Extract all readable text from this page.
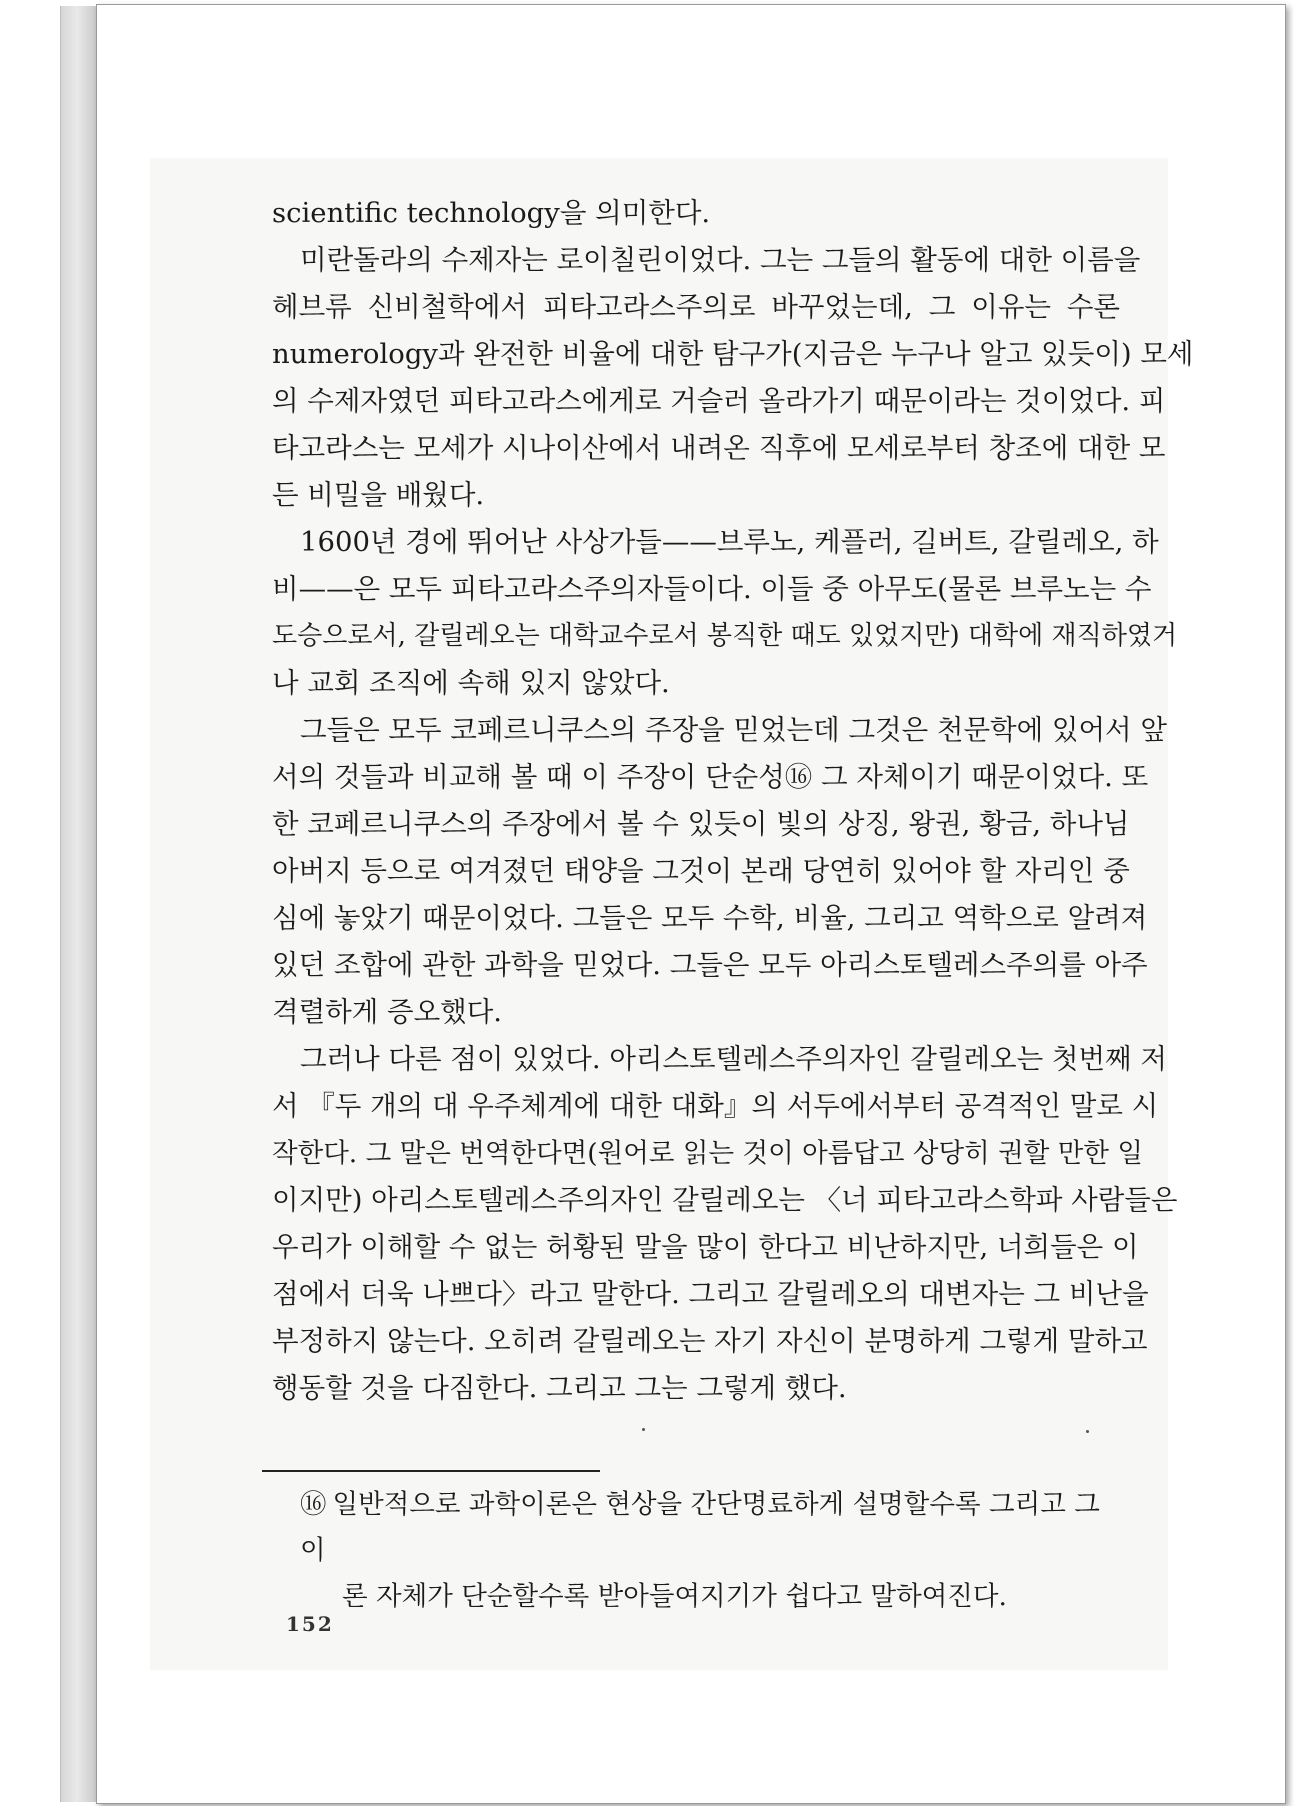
scientific technology을 의미한다.
미란돌라의 수제자는 로이칠린이었다. 그는 그들의 활동에 대한 이름을
헤브류 신비철학에서 피타고라스주의로 바꾸었는데, 그 이유는 수론
numerology과 완전한 비율에 대한 탐구가(지금은 누구나 알고 있듯이) 모세
의 수제자였던 피타고라스에게로 거슬러 올라가기 때문이라는 것이었다. 피
타고라스는 모세가 시나이산에서 내려온 직후에 모세로부터 창조에 대한 모
든 비밀을 배웠다.
1600년 경에 뛰어난 사상가들——브루노, 케플러, 길버트, 갈릴레오, 하
비——은 모두 피타고라스주의자들이다. 이들 중 아무도(물론 브루노는 수
도승으로서, 갈릴레오는 대학교수로서 봉직한 때도 있었지만) 대학에 재직하였거
나 교회 조직에 속해 있지 않았다.
그들은 모두 코페르니쿠스의 주장을 믿었는데 그것은 천문학에 있어서 앞
서의 것들과 비교해 볼 때 이 주장이 단순성⑯ 그 자체이기 때문이었다. 또
한 코페르니쿠스의 주장에서 볼 수 있듯이 빛의 상징, 왕권, 황금, 하나님
아버지 등으로 여겨졌던 태양을 그것이 본래 당연히 있어야 할 자리인 중
심에 놓았기 때문이었다. 그들은 모두 수학, 비율, 그리고 역학으로 알려져
있던 조합에 관한 과학을 믿었다. 그들은 모두 아리스토텔레스주의를 아주
격렬하게 증오했다.
그러나 다른 점이 있었다. 아리스토텔레스주의자인 갈릴레오는 첫번째 저
서 『두 개의 대 우주체계에 대한 대화』의 서두에서부터 공격적인 말로 시
작한다. 그 말은 번역한다면(원어로 읽는 것이 아름답고 상당히 권할 만한 일
이지만) 아리스토텔레스주의자인 갈릴레오는 〈너 피타고라스학파 사람들은
우리가 이해할 수 없는 허황된 말을 많이 한다고 비난하지만, 너희들은 이
점에서 더욱 나쁘다〉라고 말한다. 그리고 갈릴레오의 대변자는 그 비난을
부정하지 않는다. 오히려 갈릴레오는 자기 자신이 분명하게 그렇게 말하고
행동할 것을 다짐한다. 그리고 그는 그렇게 했다.
⑯ 일반적으로 과학이론은 현상을 간단명료하게 설명할수록 그리고 그 이
론 자체가 단순할수록 받아들여지기가 쉽다고 말하여진다.
152
